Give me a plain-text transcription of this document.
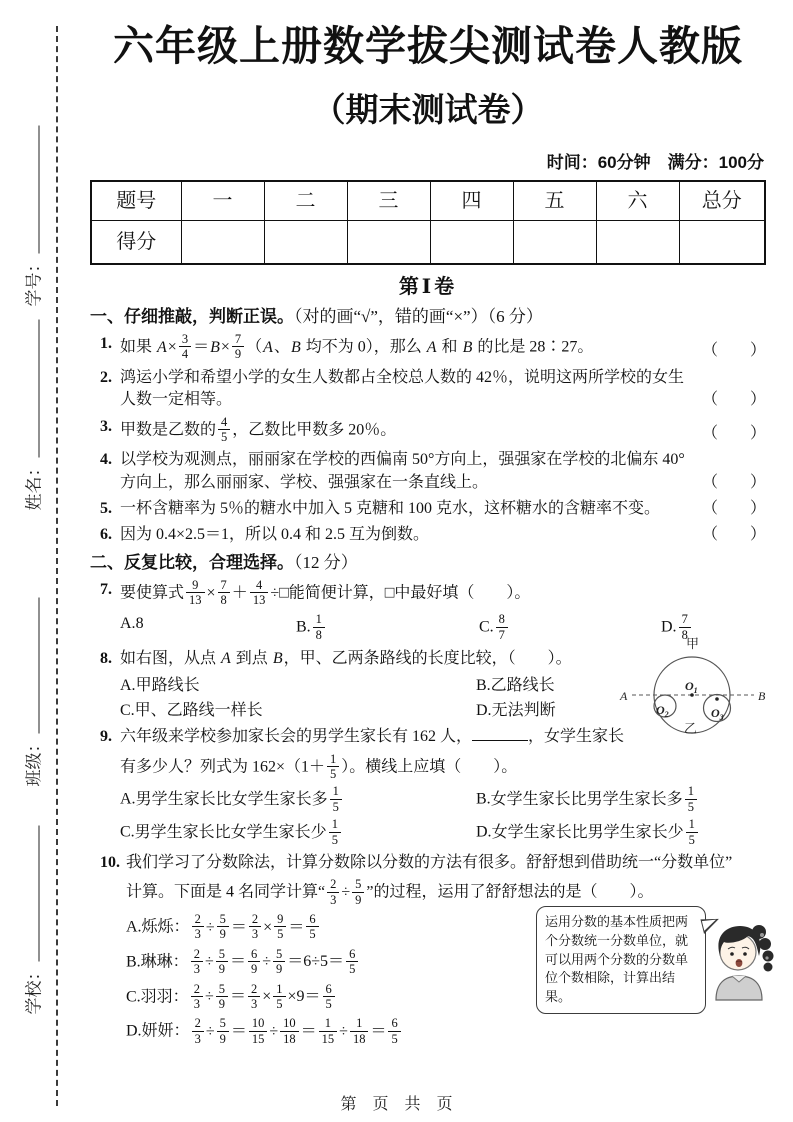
学号：
姓名：
班级：
学校：
六年级上册数学拔尖测试卷人教版
（期末测试卷）
时间：60分钟　满分：100分
题号	一	二	三	四	五	六	总分
得分							
第Ⅰ卷
一、仔细推敲，判断正误。（对的画“√”，错的画“×”）（6 分）
1. 如果 $A\times \frac{3}{4} =B\times \frac{7}{9} (A$、B 均不为 0），那么 A 和 B 的比是 28∶27。	（　　）
2. 鸿运小学和希望小学的女生人数都占全校总人数的 42％，说明这两所学校的女生人数一定相等。	（　　）
3. 甲数是乙数的 $\frac{4}{5}$ ，乙数比甲数多 20％。	（　　）
4. 以学校为观测点，丽丽家在学校的西偏南 50°方向上，强强家在学校的北偏东 40°方向上，那么丽丽家、学校、强强家在一条直线上。	（　　）
5. 一杯含糖率为 5％的糖水中加入 5 克糖和 100 克水，这杯糖水的含糖率不变。	（　　）
6. 因为 0.4×2.5＝1，所以 0.4 和 2.5 互为倒数。	（　　）
二、反复比较，合理选择。（12 分）
7. 要使算式 $\frac{9}{13} \times \frac{7}{8} + \frac{4}{13}$ ÷□能简便计算，□中最好填（　　）。
A.8	B. $\frac{1}{8}$	C. $\frac{8}{7}$	D. $\frac{7}{8}$
8. 如右图，从点 A 到点 B，甲、乙两条路线的长度比较，（　　）。
A.甲路线长	B.乙路线长
C.甲、乙路线一样长	D.无法判断
甲
乙
A	B
$O_1$
$O_2$	$O_3$
9. 六年级来学校参加家长会的男学生家长有 162 人，	，女学生家长
有多少人？列式为 $162\times(1+ \frac{1}{5}$ ）。横线上应填（　　）。
A.男学生家长比女学生家长多 $\frac{1}{5}$	B.女学生家长比男学生家长多 $\frac{1}{5}$
C.男学生家长比女学生家长少 $\frac{1}{5}$	D.女学生家长比男学生家长少 $\frac{1}{5}$
10. 我们学习了分数除法，计算分数除以分数的方法有很多。舒舒想到借助统一“分数单位”
计算。下面是 4 名同学计算“ $\frac{2}{3} \div \frac{5}{9}$ ”的过程，运用了舒舒想法的是（　　）。
A.烁烁： $\frac{2}{3} \div \frac{5}{9} = \frac{2}{3} \times \frac{9}{5} = \frac{6}{5}$
B.琳琳： $\frac{2}{3} \div \frac{5}{9} = \frac{6}{9} \div \frac{5}{9} =6\div 5= \frac{6}{5}$
C.羽羽： $\frac{2}{3} \div \frac{5}{9} = \frac{2}{3} \times \frac{1}{5} \times 9= \frac{6}{5}$
D.妍妍： $\frac{2}{3} \div \frac{5}{9} = \frac{10}{15} \div \frac{10}{18} = \frac{1}{15} \div \frac{1}{18} = \frac{6}{5}$
运用分数的基本性质把两个分数统一分数单位，就可以用两个分数的分数单位个数相除，计算出结果。
第　页　共　页
